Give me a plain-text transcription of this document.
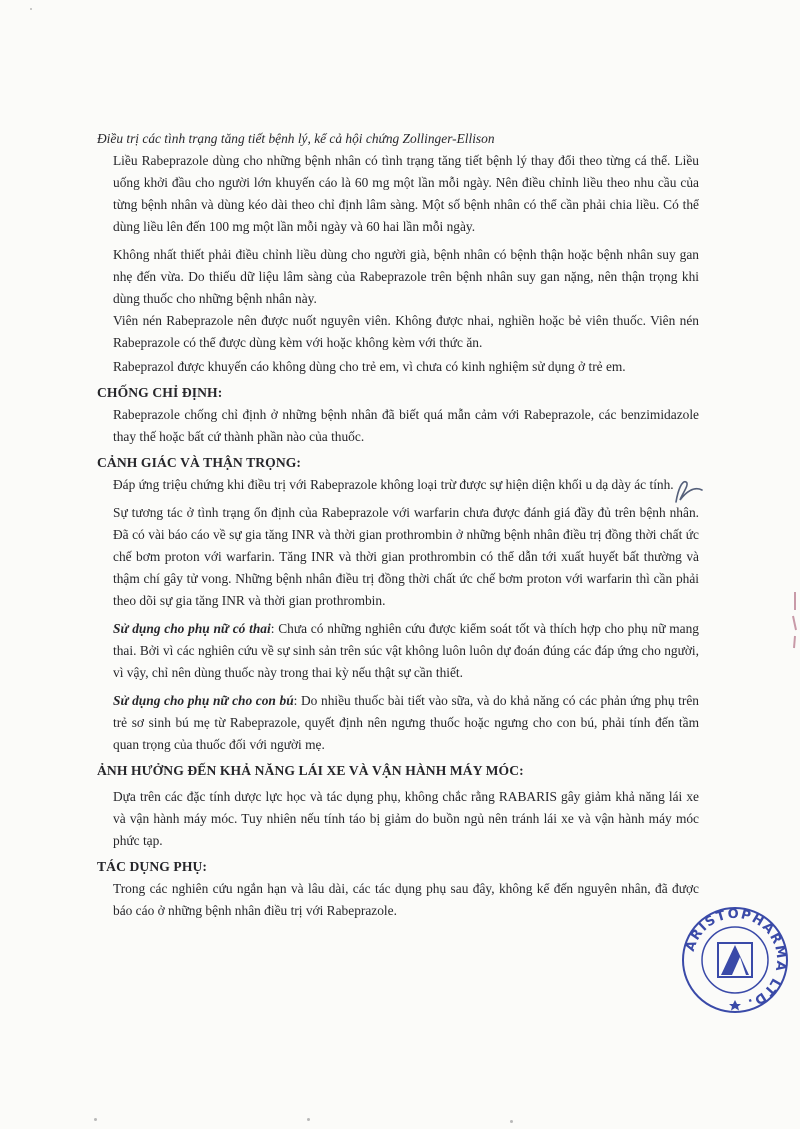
Điều trị các tình trạng tăng tiết bệnh lý, kể cả hội chứng Zollinger-Ellison

Liều Rabeprazole dùng cho những bệnh nhân có tình trạng tăng tiết bệnh lý thay đổi theo từng cá thể. Liều uống khởi đầu cho người lớn khuyến cáo là 60 mg một lần mỗi ngày. Nên điều chỉnh liều theo nhu cầu của từng bệnh nhân và dùng kéo dài theo chỉ định lâm sàng. Một số bệnh nhân có thể cần phải chia liều. Có thể dùng liều lên đến 100 mg một lần mỗi ngày và 60 hai lần mỗi ngày.

Không nhất thiết phải điều chỉnh liều dùng cho người già, bệnh nhân có bệnh thận hoặc bệnh nhân suy gan nhẹ đến vừa. Do thiếu dữ liệu lâm sàng của Rabeprazole trên bệnh nhân suy gan nặng, nên thận trọng khi dùng thuốc cho những bệnh nhân này.

Viên nén Rabeprazole nên được nuốt nguyên viên. Không được nhai, nghiền hoặc bẻ viên thuốc. Viên nén Rabeprazole có thể được dùng kèm với hoặc không kèm với thức ăn.

Rabeprazol được khuyến cáo không dùng cho trẻ em, vì chưa có kinh nghiệm sử dụng ở trẻ em.

CHỐNG CHỈ ĐỊNH:

Rabeprazole chống chỉ định ở những bệnh nhân đã biết quá mẫn cảm với Rabeprazole, các benzimidazole thay thế hoặc bất cứ thành phần nào của thuốc.

CẢNH GIÁC VÀ THẬN TRỌNG:

Đáp ứng triệu chứng khi điều trị với Rabeprazole không loại trừ được sự hiện diện khối u dạ dày ác tính.

Sự tương tác ở tình trạng ổn định của Rabeprazole với warfarin chưa được đánh giá đầy đủ trên bệnh nhân. Đã có vài báo cáo về sự gia tăng INR và thời gian prothrombin ở những bệnh nhân điều trị đồng thời chất ức chế bơm proton với warfarin. Tăng INR và thời gian prothrombin có thể dẫn tới xuất huyết bất thường và thậm chí gây tử vong. Những bệnh nhân điều trị đồng thời chất ức chế bơm proton với warfarin thì cần phải theo dõi sự gia tăng INR và thời gian prothrombin.

Sử dụng cho phụ nữ có thai: Chưa có những nghiên cứu được kiểm soát tốt và thích hợp cho phụ nữ mang thai. Bởi vì các nghiên cứu về sự sinh sản trên súc vật không luôn luôn dự đoán đúng các đáp ứng cho người, vì vậy, chỉ nên dùng thuốc này trong thai kỳ nếu thật sự cần thiết.

Sử dụng cho phụ nữ cho con bú: Do nhiều thuốc bài tiết vào sữa, và do khả năng có các phản ứng phụ trên trẻ sơ sinh bú mẹ từ Rabeprazole, quyết định nên ngưng thuốc hoặc ngưng cho con bú, phải tính đến tầm quan trọng của thuốc đối với người mẹ.

ẢNH HƯỞNG ĐẾN KHẢ NĂNG LÁI XE VÀ VẬN HÀNH MÁY MÓC:

Dựa trên các đặc tính dược lực học và tác dụng phụ, không chắc rằng RABARIS gây giảm khả năng lái xe và vận hành máy móc. Tuy nhiên nếu tính táo bị giảm do buồn ngủ nên tránh lái xe và vận hành máy móc phức tạp.

TÁC DỤNG PHỤ:

Trong các nghiên cứu ngắn hạn và lâu dài, các tác dụng phụ sau đây, không kể đến nguyên nhân, đã được báo cáo ở những bệnh nhân điều trị với Rabeprazole.

ARISTOPHARMA LTD.
